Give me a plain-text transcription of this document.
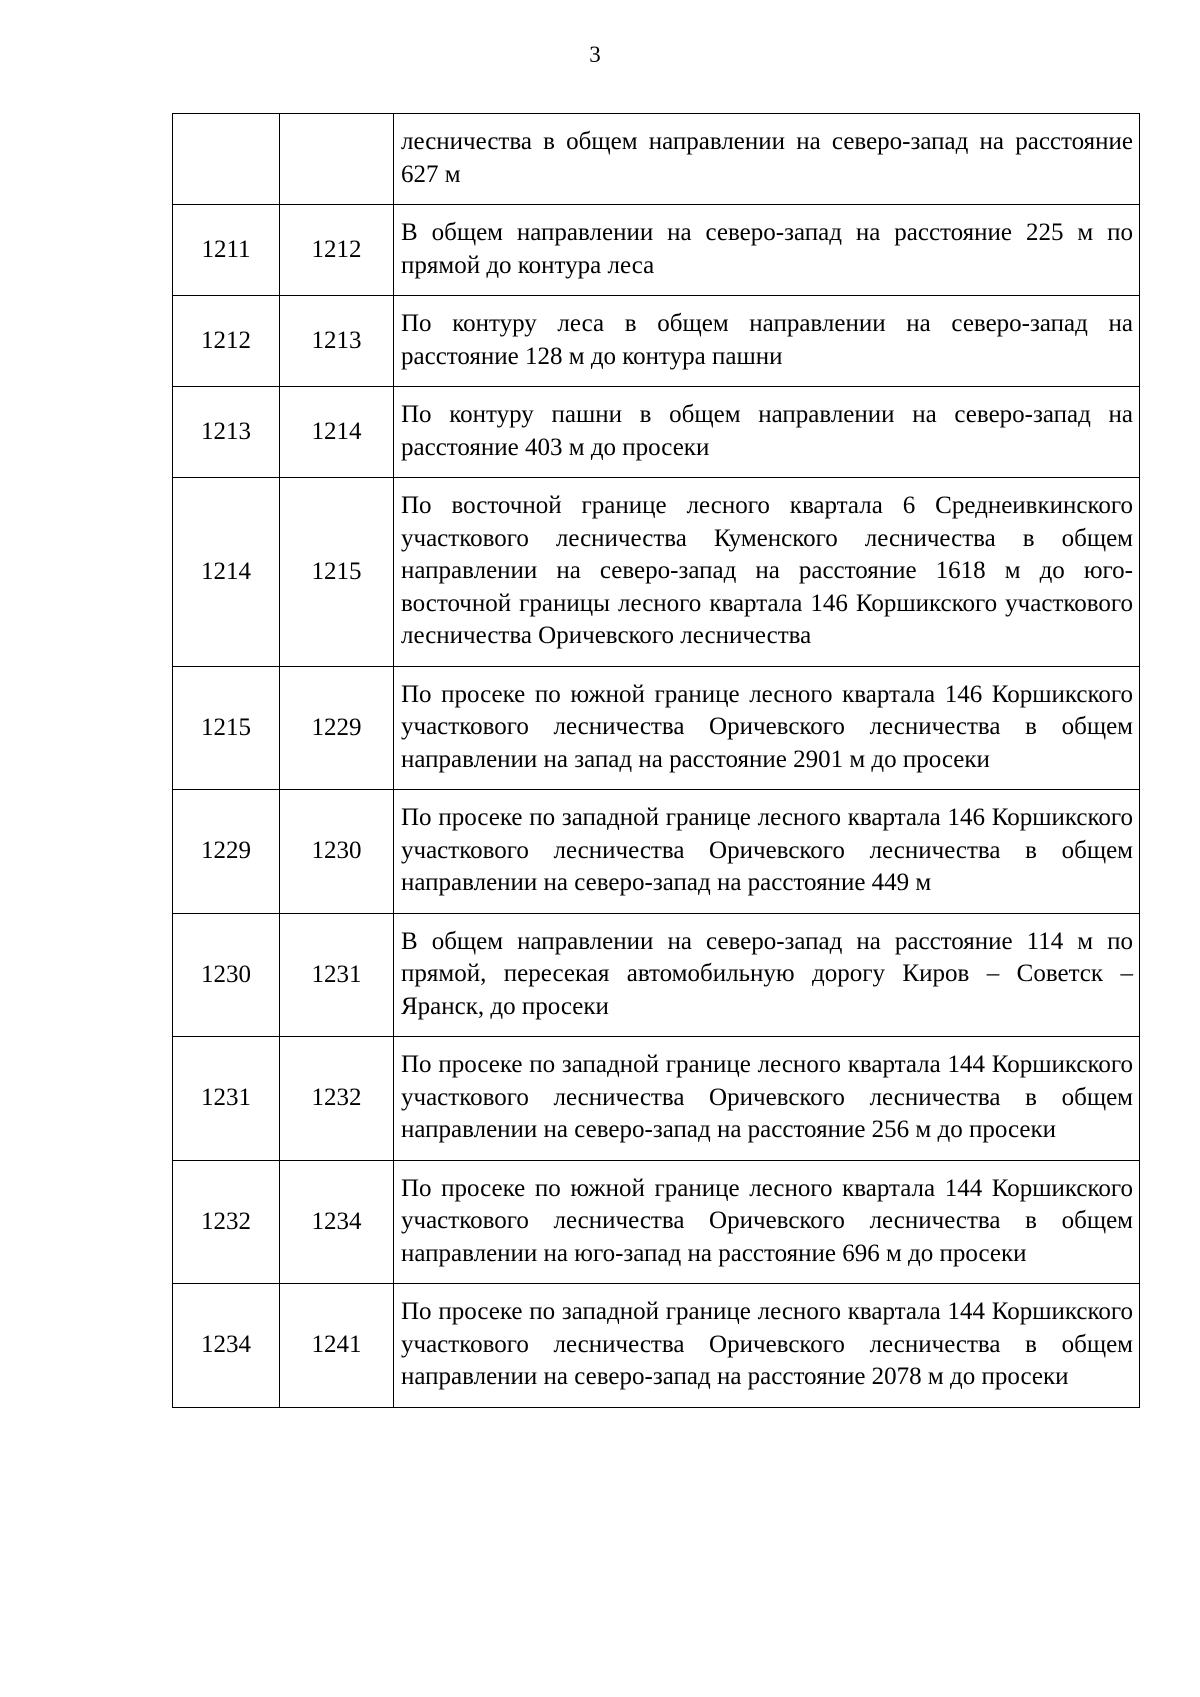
3
		лесничества в общем направлении на северо-запад на расстояние 627 м
1211	1212	В общем направлении на северо-запад на расстояние 225 м по прямой до контура леса
1212	1213	По контуру леса в общем направлении на северо-запад на расстояние 128 м до контура пашни
1213	1214	По контуру пашни в общем направлении на северо-запад на расстояние 403 м до просеки
1214	1215	По восточной границе лесного квартала 6 Среднеивкинского участкового лесничества Куменского лесничества в общем направлении на северо-запад на расстояние 1618 м до юго-восточной границы лесного квартала 146 Коршикского участкового лесничества Оричевского лесничества
1215	1229	По просеке по южной границе лесного квартала 146 Коршикского участкового лесничества Оричевского лесничества в общем направлении на запад на расстояние 2901 м до просеки
1229	1230	По просеке по западной границе лесного квартала 146 Коршикского участкового лесничества Оричевского лесничества в общем направлении на северо-запад на расстояние 449 м
1230	1231	В общем направлении на северо-запад на расстояние 114 м по прямой, пересекая автомобильную дорогу Киров – Советск – Яранск, до просеки
1231	1232	По просеке по западной границе лесного квартала 144 Коршикского участкового лесничества Оричевского лесничества в общем направлении на северо-запад на расстояние 256 м до просеки
1232	1234	По просеке по южной границе лесного квартала 144 Коршикского участкового лесничества Оричевского лесничества в общем направлении на юго-запад на расстояние 696 м до просеки
1234	1241	По просеке по западной границе лесного квартала 144 Коршикского участкового лесничества Оричевского лесничества в общем направлении на северо-запад на расстояние 2078 м до просеки
